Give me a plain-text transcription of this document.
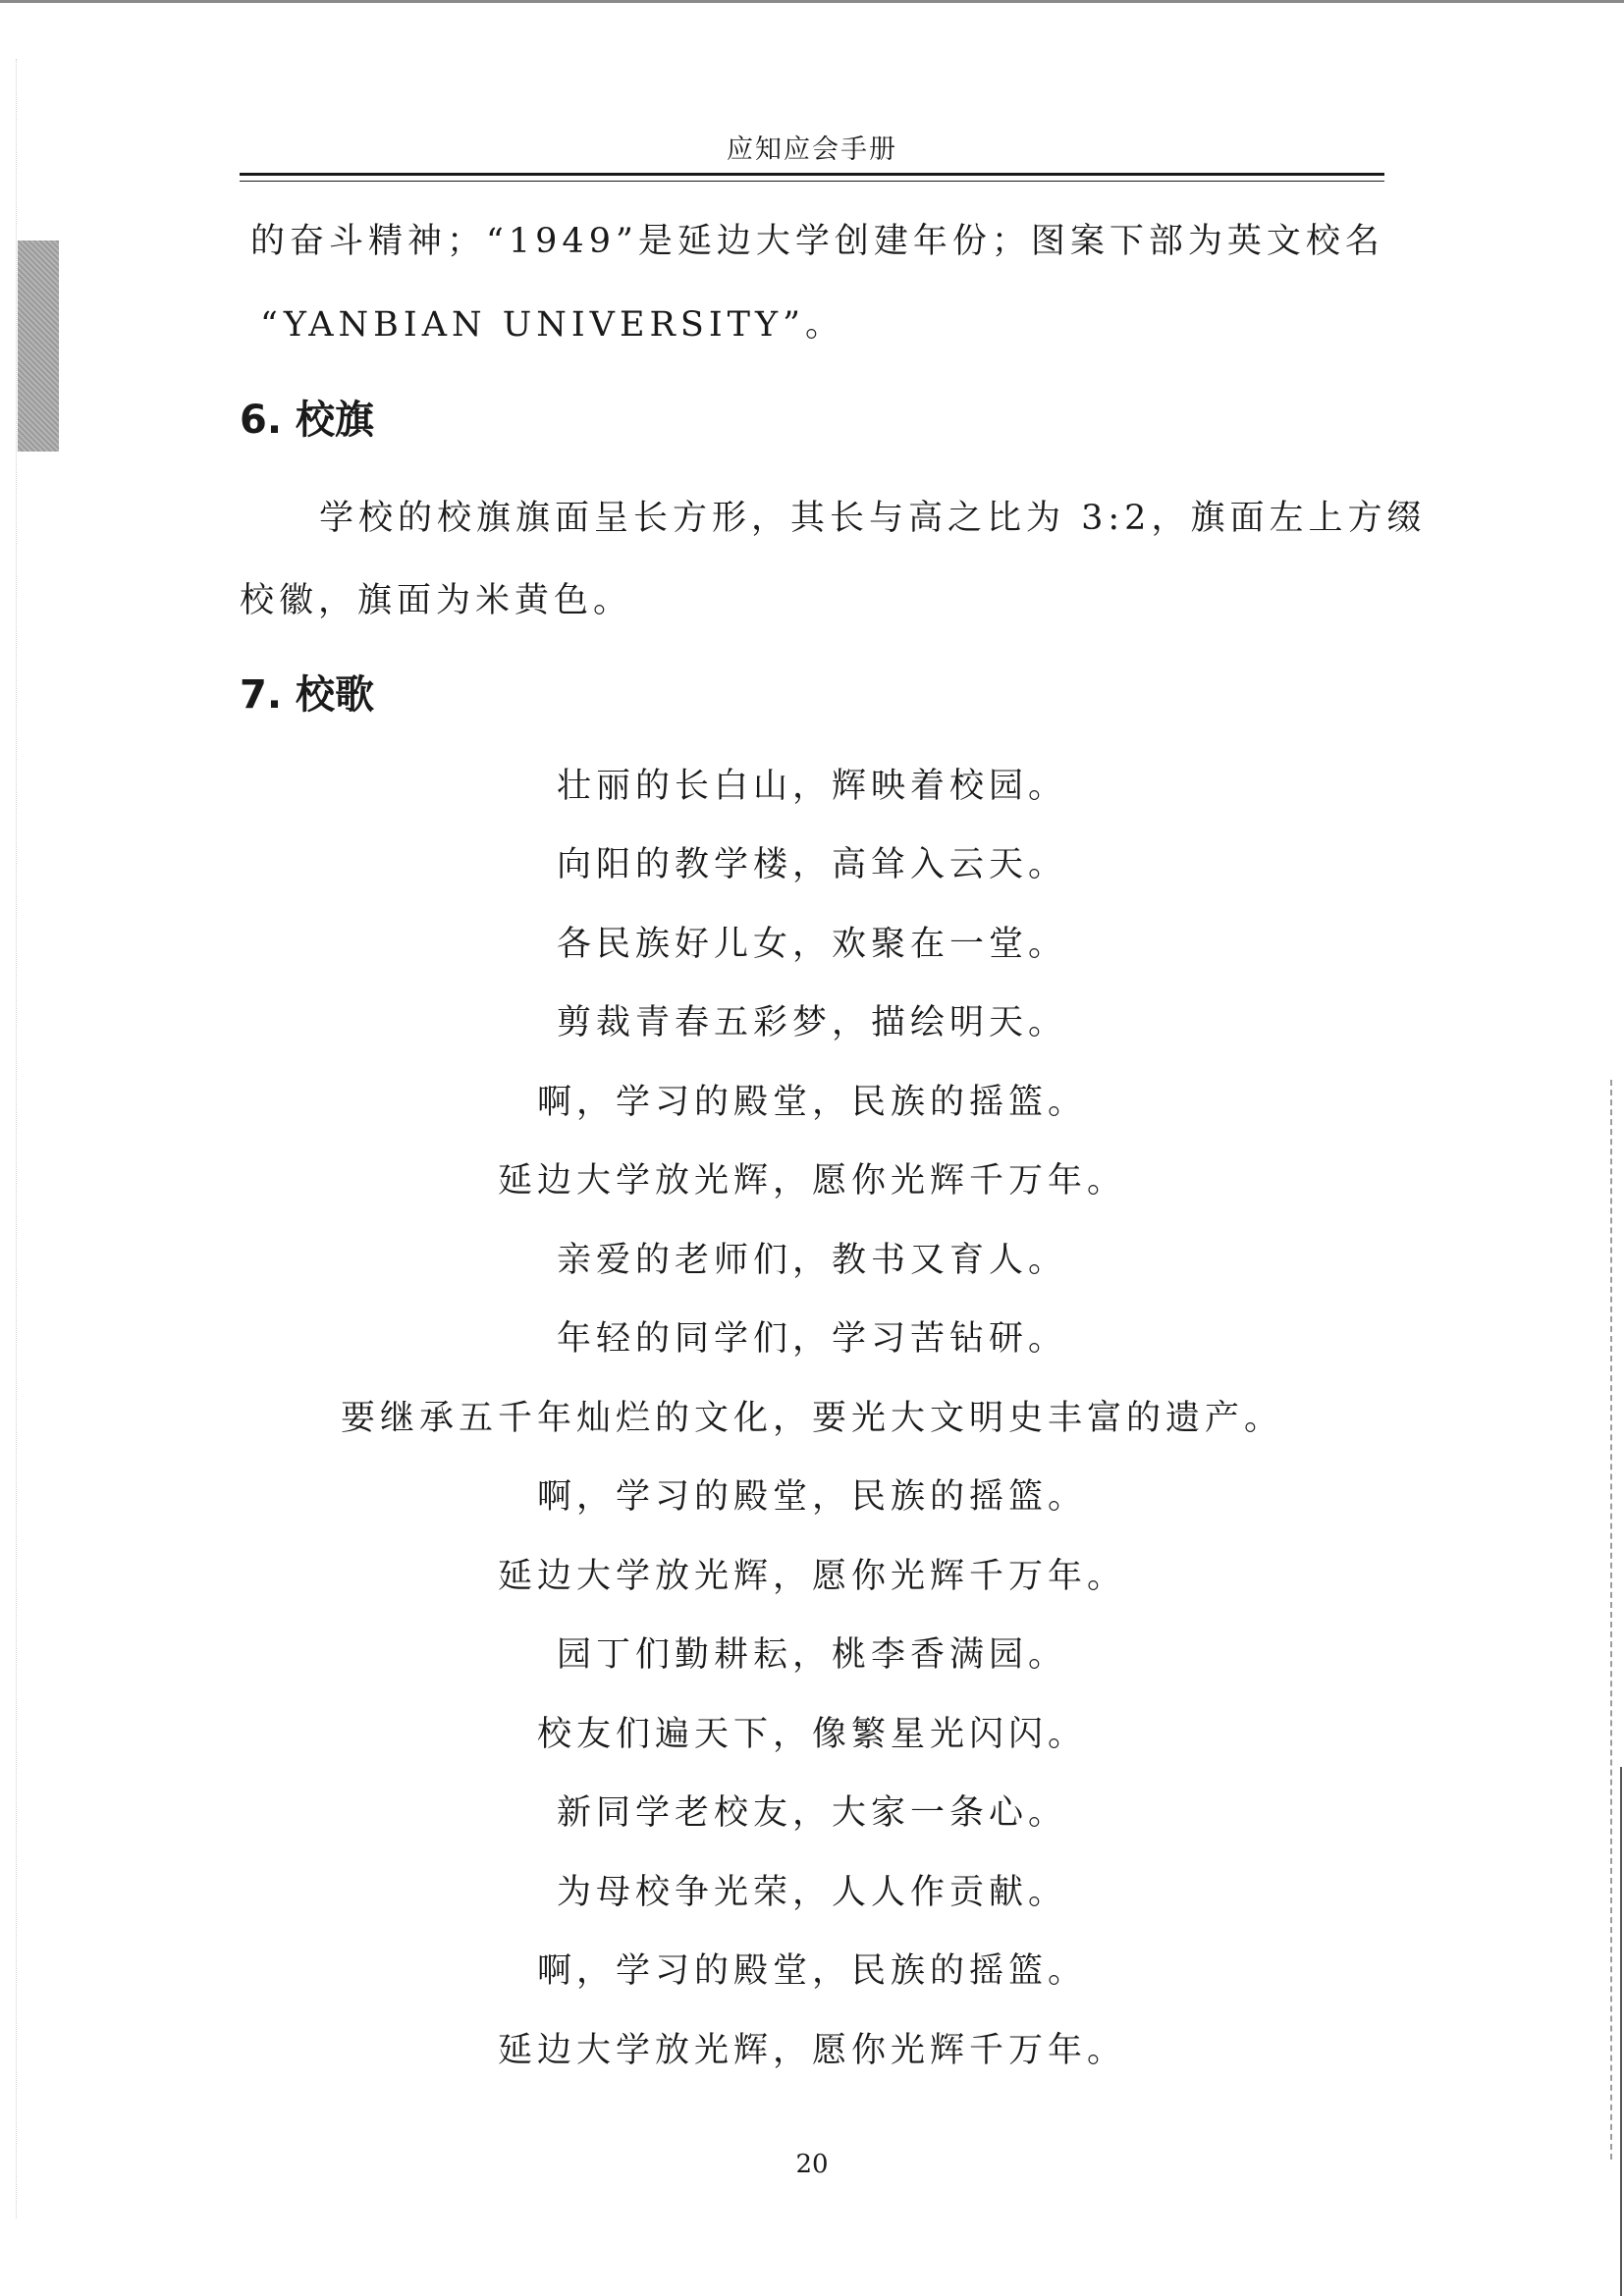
应知应会手册
的奋斗精神；“1949”是延边大学创建年份；图案下部为英文校名
“YANBIAN UNIVERSITY”。
6. 校旗
学校的校旗旗面呈长方形，其长与高之比为 3:2，旗面左上方缀
校徽，旗面为米黄色。
7. 校歌
壮丽的长白山，辉映着校园。
向阳的教学楼，高耸入云天。
各民族好儿女，欢聚在一堂。
剪裁青春五彩梦，描绘明天。
啊，学习的殿堂，民族的摇篮。
延边大学放光辉，愿你光辉千万年。
亲爱的老师们，教书又育人。
年轻的同学们，学习苦钻研。
要继承五千年灿烂的文化，要光大文明史丰富的遗产。
啊，学习的殿堂，民族的摇篮。
延边大学放光辉，愿你光辉千万年。
园丁们勤耕耘，桃李香满园。
校友们遍天下，像繁星光闪闪。
新同学老校友，大家一条心。
为母校争光荣，人人作贡献。
啊，学习的殿堂，民族的摇篮。
延边大学放光辉，愿你光辉千万年。
20
